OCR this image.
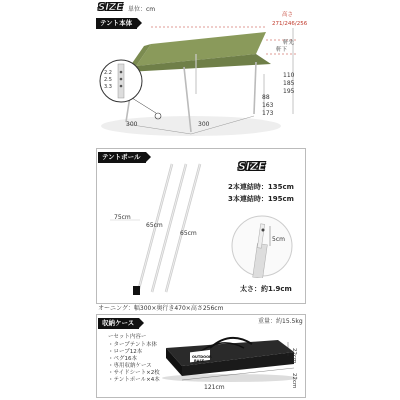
SIZE 単位：cm
テント本体
2.2
2.5
3.3
高さ
271/246/256
軒先
軒下
110
185
195
88
163
173
300	300
テントポール
75cm
65cm
65cm
SIZE
2本連結時：135cm
3本連結時：195cm
5cm
太さ：約1.9cm
オーニング：幅300×奥行き470×高さ256cm
収納ケース	重量：約15.5kg
ーセット内容ー
・タープテント本体
・ロープ12本
・ペグ16本
・専用収納ケース
・サイドシート×2枚
・テントポール×4本
OUTDOOR
BASE
121cm
22cm
22cm
